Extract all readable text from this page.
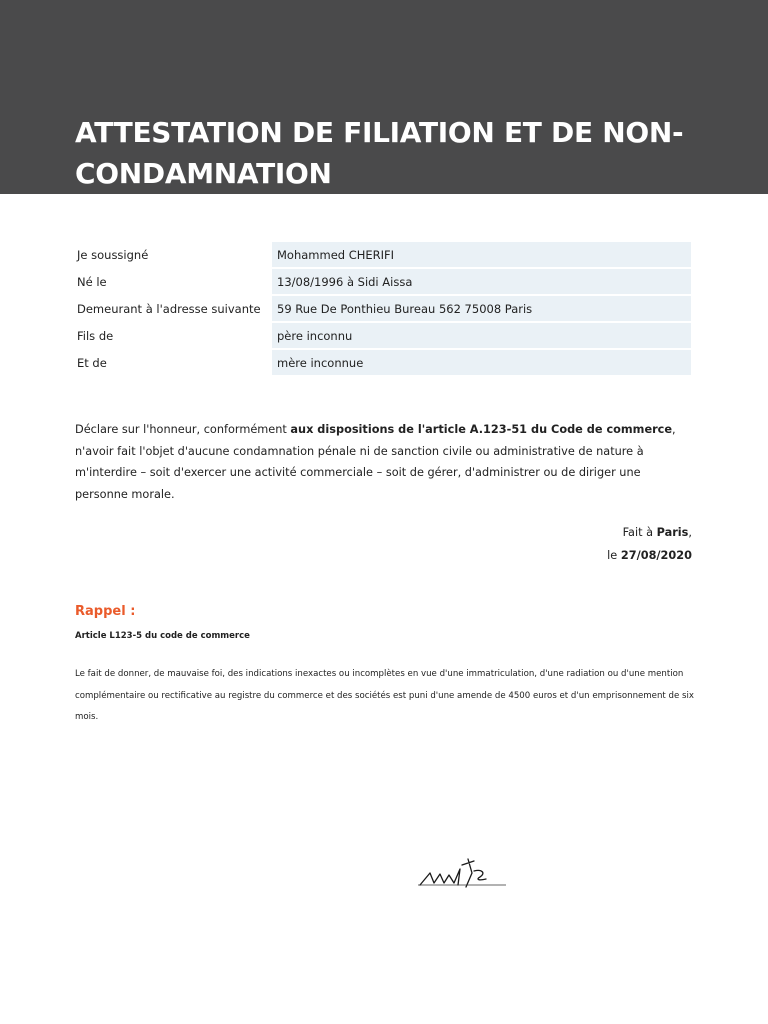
ATTESTATION DE FILIATION ET DE NON-CONDAMNATION
Je soussigné	Mohammed CHERIFI
Né le	13/08/1996 à Sidi Aissa
Demeurant à l'adresse suivante	59 Rue De Ponthieu Bureau 562 75008 Paris
Fils de	père inconnu
Et de	mère inconnue

Déclare sur l'honneur, conformément aux dispositions de l'article A.123-51 du Code de commerce, n'avoir fait l'objet d'aucune condamnation pénale ni de sanction civile ou administrative de nature à m'interdire – soit d'exercer une activité commerciale – soit de gérer, d'administrer ou de diriger une personne morale.

Fait à Paris,
le 27/08/2020
Rappel :
Article L123-5 du code de commerce

Le fait de donner, de mauvaise foi, des indications inexactes ou incomplètes en vue d'une immatriculation, d'une radiation ou d'une mention complémentaire ou rectificative au registre du commerce et des sociétés est puni d'une amende de 4500 euros et d'un emprisonnement de six mois.
